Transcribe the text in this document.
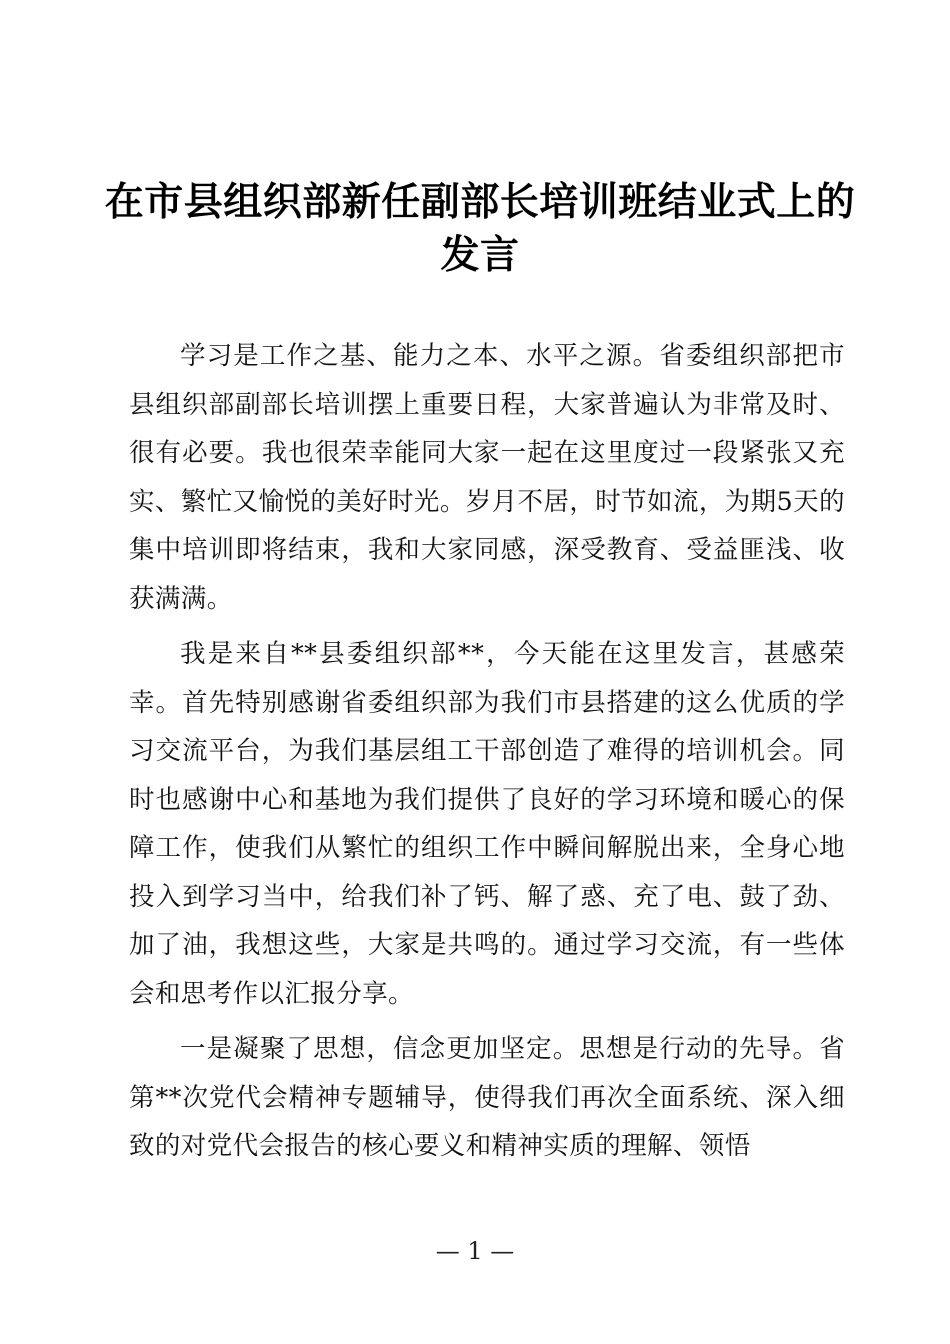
在市县组织部新任副部长培训班结业式上的发言

学习是工作之基、能力之本、水平之源。省委组织部把市县组织部副部长培训摆上重要日程，大家普遍认为非常及时、很有必要。我也很荣幸能同大家一起在这里度过一段紧张又充实、繁忙又愉悦的美好时光。岁月不居，时节如流，为期5天的集中培训即将结束，我和大家同感，深受教育、受益匪浅、收获满满。

我是来自**县委组织部**，今天能在这里发言，甚感荣幸。首先特别感谢省委组织部为我们市县搭建的这么优质的学习交流平台，为我们基层组工干部创造了难得的培训机会。同时也感谢中心和基地为我们提供了良好的学习环境和暖心的保障工作，使我们从繁忙的组织工作中瞬间解脱出来，全身心地投入到学习当中，给我们补了钙、解了惑、充了电、鼓了劲、加了油，我想这些，大家是共鸣的。通过学习交流，有一些体会和思考作以汇报分享。

一是凝聚了思想，信念更加坚定。思想是行动的先导。省第**次党代会精神专题辅导，使得我们再次全面系统、深入细致的对党代会报告的核心要义和精神实质的理解、领悟

— 1 —
